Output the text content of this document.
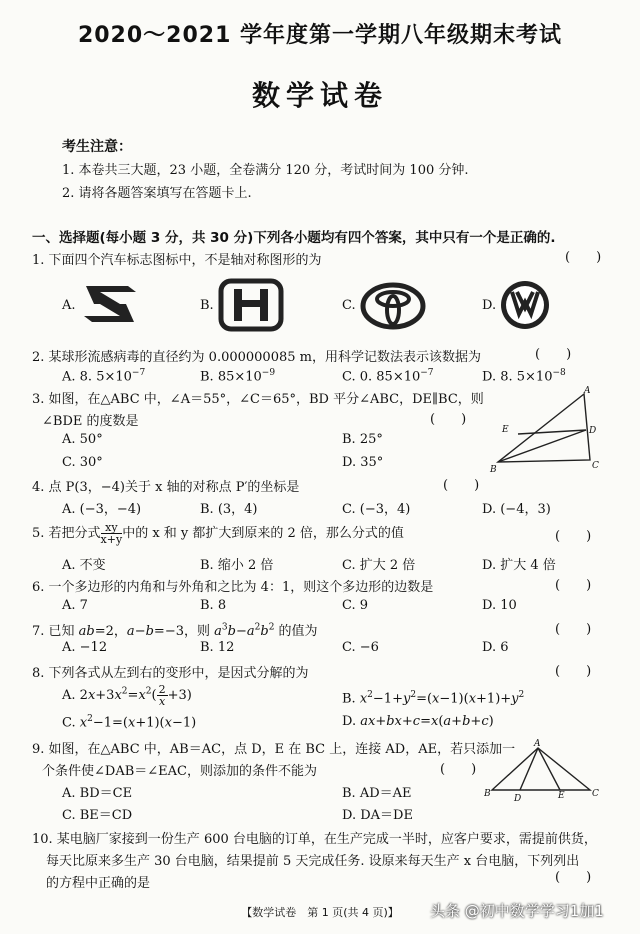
2020～2021 学年度第一学期八年级期末考试
数学试卷
考生注意：
1. 本卷共三大题，23 小题，全卷满分 120 分，考试时间为 100 分钟.
2. 请将各题答案填写在答题卡上.
一、选择题(每小题 3 分，共 30 分)下列各小题均有四个答案，其中只有一个是正确的.
1. 下面四个汽车标志图标中，不是轴对称图形的为	(　　)
A.	B.	C.	D.
2. 某球形流感病毒的直径约为 0.000000085 m，用科学记数法表示该数据为	(　　)
A. 8. $5\times 10^{-7}$	B. $85\times 10^{-9}$	C. 0. $85\times 10^{-7}$	D. 8. $5\times 10^{-8}$
3. 如图，在△ABC 中，∠A＝55°，∠C＝65°，BD 平分∠ABC，DE∥BC，则
∠BDE 的度数是	(　　)
A. 50°	B. 25°
C. 30°	D. 35°
A
E	D
B	C
4. 点 P(3，−4)关于 x 轴的对称点 P′的坐标是	(　　)
A. (−3，−4)	B. (3，4)	C. (−3，4)	D. (−4，3)
5. 若把分式 $\frac{xy}{x+y}$ 中的 x 和 y 都扩大到原来的 2 倍，那么分式的值	(　　)
A. 不变	B. 缩小 2 倍	C. 扩大 2 倍	D. 扩大 4 倍
6. 一个多边形的内角和与外角和之比为 4：1，则这个多边形的边数是	(　　)
A. 7	B. 8	C. 9	D. 10
7. 已知 ab=2，a−b=−3，则 $a^3b-a^2b^2$ 的值为	(　　)
A. −12	B. 12	C. −6	D. 6
8. 下列各式从左到右的变形中，是因式分解的为	(　　)
A. $2x+3x^2=x^2( \frac{2}{x} +3)$	B. $x^2-1+y^2=(x-1)(x+1)+y^2$
C. $x^2-1=(x+1)(x-1)$	D. ax+bx+c=x(a+b+c)
9. 如图，在△ABC 中，AB＝AC，点 D，E 在 BC 上，连接 AD，AE，若只添加一
个条件使∠DAB＝∠EAC，则添加的条件不能为	(　　)
A. BD＝CE	B. AD＝AE
C. BE＝CD	D. DA＝DE
A
B	D	E	C
10. 某电脑厂家接到一份生产 600 台电脑的订单，在生产完成一半时，应客户要求，需提前供货，
每天比原来多生产 30 台电脑，结果提前 5 天完成任务. 设原来每天生产 x 台电脑，下列列出
的方程中正确的是	(　　)
【数学试卷　第 1 页(共 4 页)】	头条 @初中数学学习1加1
